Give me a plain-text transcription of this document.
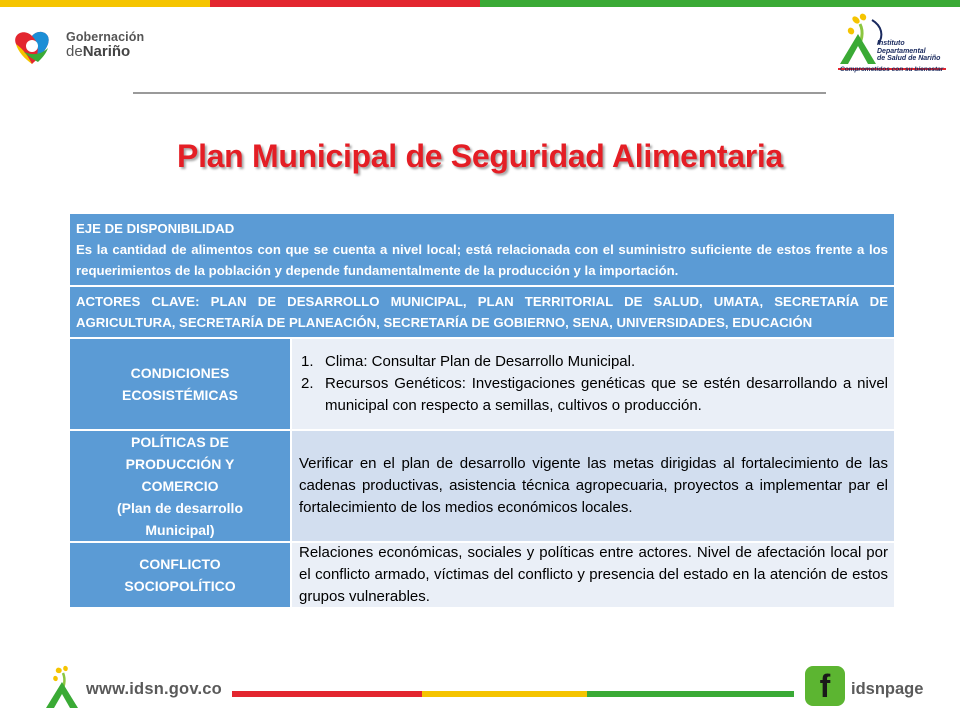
Gobernación
deNariño	Instituto
Departamental
de Salud de Nariño
Comprometidos con su bienestar
Plan Municipal de Seguridad Alimentaria
EJE DE DISPONIBILIDAD
Es la cantidad de alimentos con que se cuenta a nivel local; está relacionada con el suministro suficiente de estos frente a los requerimientos de la población y depende fundamentalmente de la producción y la importación.
ACTORES CLAVE: PLAN DE DESARROLLO MUNICIPAL, PLAN TERRITORIAL DE SALUD, UMATA, SECRETARÍA DE AGRICULTURA, SECRETARÍA DE PLANEACIÓN, SECRETARÍA DE GOBIERNO, SENA, UNIVERSIDADES, EDUCACIÓN
CONDICIONES
ECOSISTÉMICAS
1. Clima: Consultar Plan de Desarrollo Municipal.
2. Recursos Genéticos: Investigaciones genéticas que se estén desarrollando a nivel municipal con respecto a semillas, cultivos o producción.
POLÍTICAS DE
PRODUCCIÓN Y
COMERCIO
(Plan de desarrollo
Municipal)

Verificar en el plan de desarrollo vigente las metas dirigidas al fortalecimiento de las cadenas productivas, asistencia técnica agropecuaria, proyectos a implementar par el fortalecimiento de los medios económicos locales.

CONFLICTO
SOCIOPOLÍTICO

Relaciones económicas, sociales y políticas entre actores. Nivel de afectación local por el conflicto armado, víctimas del conflicto y presencia del estado en la atención de estos grupos vulnerables.

www.idsn.gov.co	f idsnpage
